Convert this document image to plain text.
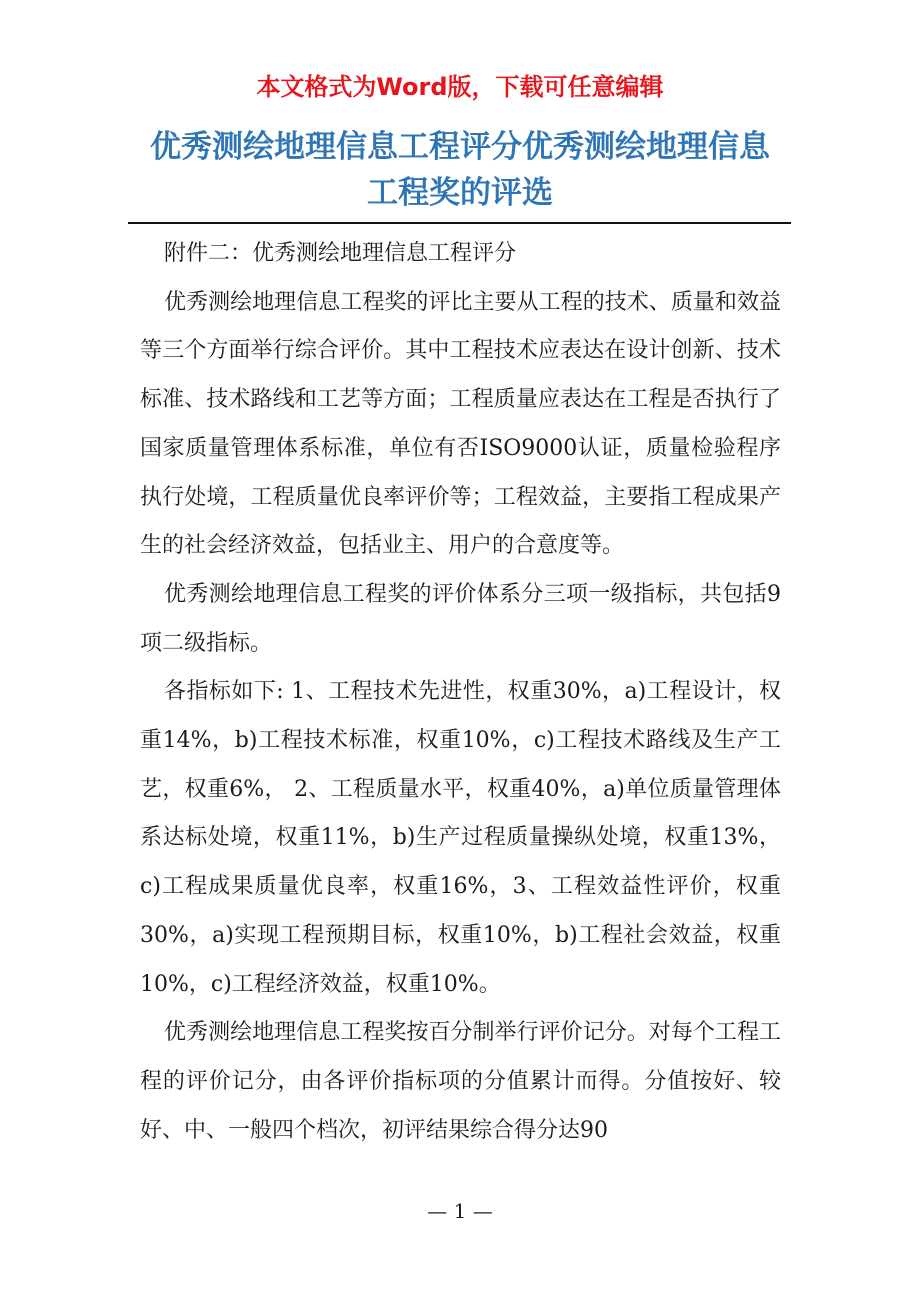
本文格式为Word版，下载可任意编辑
优秀测绘地理信息工程评分优秀测绘地理信息工程奖的评选

附件二：优秀测绘地理信息工程评分

优秀测绘地理信息工程奖的评比主要从工程的技术、质量和效益等三个方面举行综合评价。其中工程技术应表达在设计创新、技术标准、技术路线和工艺等方面；工程质量应表达在工程是否执行了国家质量管理体系标准，单位有否ISO9000认证，质量检验程序执行处境，工程质量优良率评价等；工程效益，主要指工程成果产生的社会经济效益，包括业主、用户的合意度等。

优秀测绘地理信息工程奖的评价体系分三项一级指标，共包括9项二级指标。

各指标如下: 1、工程技术先进性，权重30%，a)工程设计，权 重14%，b)工程技术标准，权重10%，c)工程技术路线及生产工艺，权重6%， 2、工程质量水平，权重40%，a)单位质量管理体系达标处境，权重11%，b)生产过程质量操纵处境，权重13%，c)工程成果质量优良率，权重16%，3、工程效益性评价，权重30%，a)实现工程预期目标，权重10%，b)工程社会效益，权重10%，c)工程经济效益，权重10%。

优秀测绘地理信息工程奖按百分制举行评价记分。对每个工程工程的评价记分，由各评价指标项的分值累计而得。分值按好、较好、中、一般四个档次，初评结果综合得分达90

— 1 —
